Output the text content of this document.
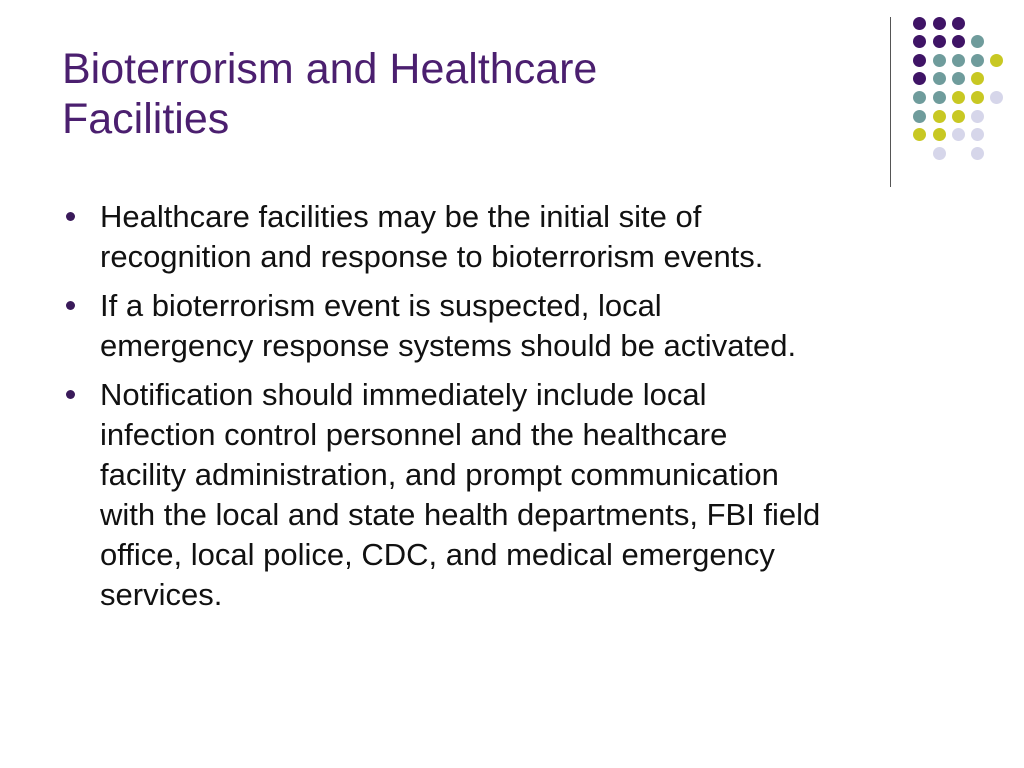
Bioterrorism and Healthcare
Facilities
Healthcare facilities may be the initial site of
recognition and response to bioterrorism events.
If a bioterrorism event is suspected, local
emergency response systems should be activated.
Notification should immediately include local
infection control personnel and the healthcare
facility administration, and prompt communication
with the local and state health departments, FBI field
office, local police, CDC, and medical emergency
services.
